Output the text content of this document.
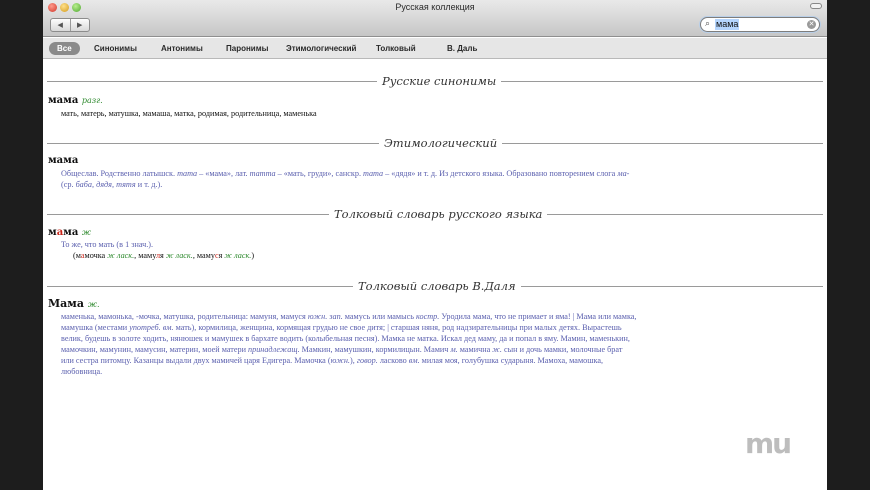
Русская коллекция
◀	▶	⌕ мама	✕
Все	Синонимы	Антонимы	Паронимы Этимологический Толковый	В. Даль
Русские синонимы
мама разг.
мать, матерь, матушка, мамаша, матка, родимая, родительница, маменька
Этимологический
мама
Общеслав. Родственно латышск. mama – «мама», лат. mamma – «мать, груди», санскр. mama – «дядя» и т. д. Из детского языка. Образовано повторением слога ма-
(ср. баба, дядя, тятя и т. д.).
Толковый словарь русского языка
мама ж
То же, что мать (в 1 знач.).
(мамочка ж ласк., мамуля ж ласк., мамуся ж ласк.)
Толковый словарь В.Даля
Мама ж.
маменька, мамонька, -мочка, матушка, родительница: мамуня, мамуся южн. зап. мамусь или мамысь костр. Уродила мама, что не примает и яма! | Мама или мамка,
мамушка (местами употреб. вм. мать), кормилица, женщина, кормящая грудью не свое дитя; | старшая няня, род надзирательницы при малых детях. Вырастешь
велик, будешь в золоте ходить, нянюшек и мамушек в бархате водить (колыбельная песня). Мамка не матка. Искал дед маму, да и попал в яму. Мамин, маменькин,
мамочкин, мамунин, мамусин, материн, моей матери принадлежащ. Мамкин, мамушкин, кормилицын. Мамич м. мамична ж. сын и дочь мамки, молочные брат
или сестра питомцу. Казанцы выдали двух мамичей царя Едигера. Мамочка (южн.), говор. ласково вм. милая моя, голубушка сударыня. Мамоха, мамошка,
любовница.
mu
